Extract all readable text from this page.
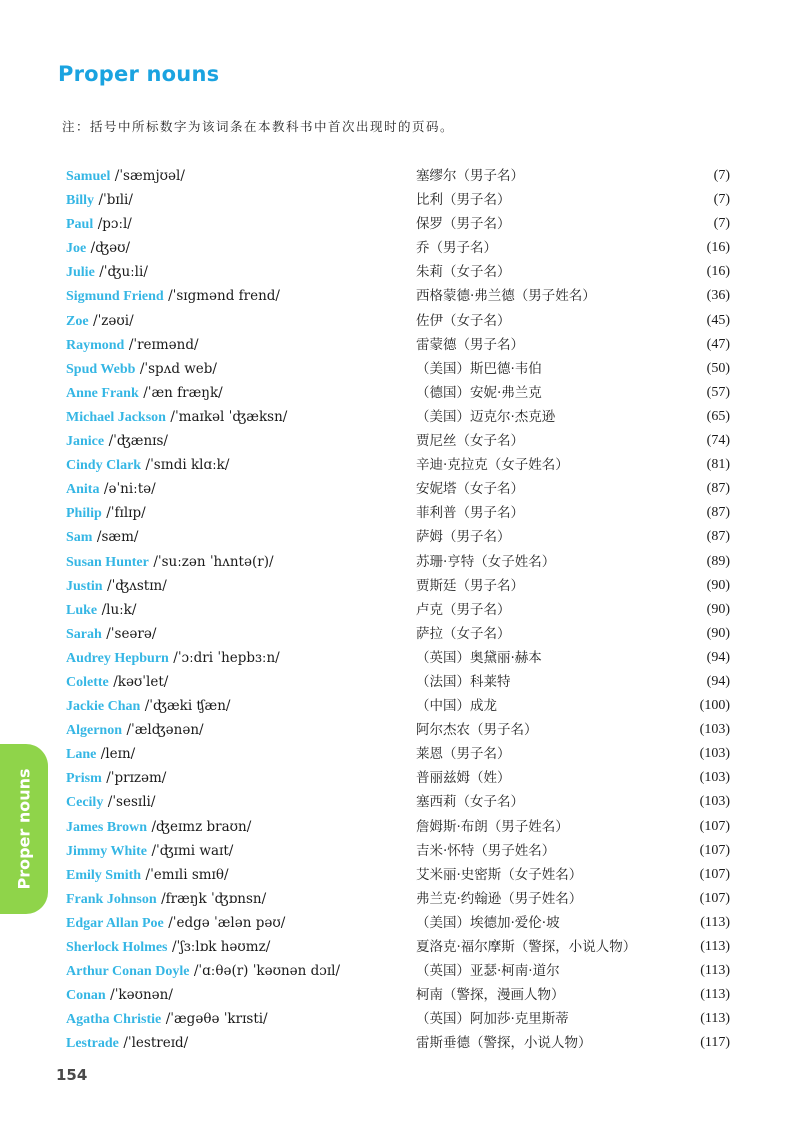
Proper nouns
注：括号中所标数字为该词条在本教科书中首次出现时的页码。
Samuel /ˈsæmjʊəl/	塞缪尔（男子名）	(7)
Billy /ˈbɪli/	比利（男子名）	(7)
Paul /pɔːl/	保罗（男子名）	(7)
Joe /ʤəʊ/	乔（男子名）	(16)
Julie /ˈʤuːli/	朱莉（女子名）	(16)
Sigmund Friend /ˈsɪgmənd frend/	西格蒙德·弗兰德（男子姓名）	(36)
Zoe /ˈzəʊi/	佐伊（女子名）	(45)
Raymond /ˈreɪmənd/	雷蒙德（男子名）	(47)
Spud Webb /ˈspʌd web/	（美国）斯巴德·韦伯	(50)
Anne Frank /ˈæn fræŋk/	（德国）安妮·弗兰克	(57)
Michael Jackson /ˈmaɪkəl ˈʤæksn/	（美国）迈克尔·杰克逊	(65)
Janice /ˈʤænɪs/	贾尼丝（女子名）	(74)
Cindy Clark /ˈsɪndi klɑːk/	辛迪·克拉克（女子姓名）	(81)
Anita /əˈniːtə/	安妮塔（女子名）	(87)
Philip /ˈfɪlɪp/	菲利普（男子名）	(87)
Sam /sæm/	萨姆（男子名）	(87)
Susan Hunter /ˈsuːzən ˈhʌntə(r)/	苏珊·亨特（女子姓名）	(89)
Justin /ˈʤʌstɪn/	贾斯廷（男子名）	(90)
Luke /luːk/	卢克（男子名）	(90)
Sarah /ˈseərə/	萨拉（女子名）	(90)
Audrey Hepburn /ˈɔːdri ˈhepbɜːn/	（英国）奥黛丽·赫本	(94)
Colette /kəʊˈlet/	（法国）科莱特	(94)
Jackie Chan /ˈʤæki ʧæn/	（中国）成龙	(100)
Algernon /ˈælʤənən/	阿尔杰农（男子名）	(103)
Lane /leɪn/	莱恩（男子名）	(103)
Prism /ˈprɪzəm/	普丽兹姆（姓）	(103)
Cecily /ˈsesɪli/	塞西莉（女子名）	(103)
James Brown /ʤeɪmz braʊn/	詹姆斯·布朗（男子姓名）	(107)
Jimmy White /ˈʤɪmi waɪt/	吉米·怀特（男子姓名）	(107)
Emily Smith /ˈemɪli smɪθ/	艾米丽·史密斯（女子姓名）	(107)
Frank Johnson /fræŋk ˈʤɒnsn/	弗兰克·约翰逊（男子姓名）	(107)
Edgar Allan Poe /ˈedgə ˈælən pəʊ/	（美国）埃德加·爱伦·坡	(113)
Sherlock Holmes /ˈʃɜːlɒk həʊmz/	夏洛克·福尔摩斯（警探，小说人物）	(113)
Arthur Conan Doyle /ˈɑːθə(r) ˈkəʊnən dɔɪl/	（英国）亚瑟·柯南·道尔	(113)
Conan /ˈkəʊnən/	柯南（警探，漫画人物）	(113)
Agatha Christie /ˈægəθə ˈkrɪsti/	（英国）阿加莎·克里斯蒂	(113)
Lestrade /ˈlestreɪd/	雷斯垂德（警探，小说人物）	(117)
Proper nouns
154
